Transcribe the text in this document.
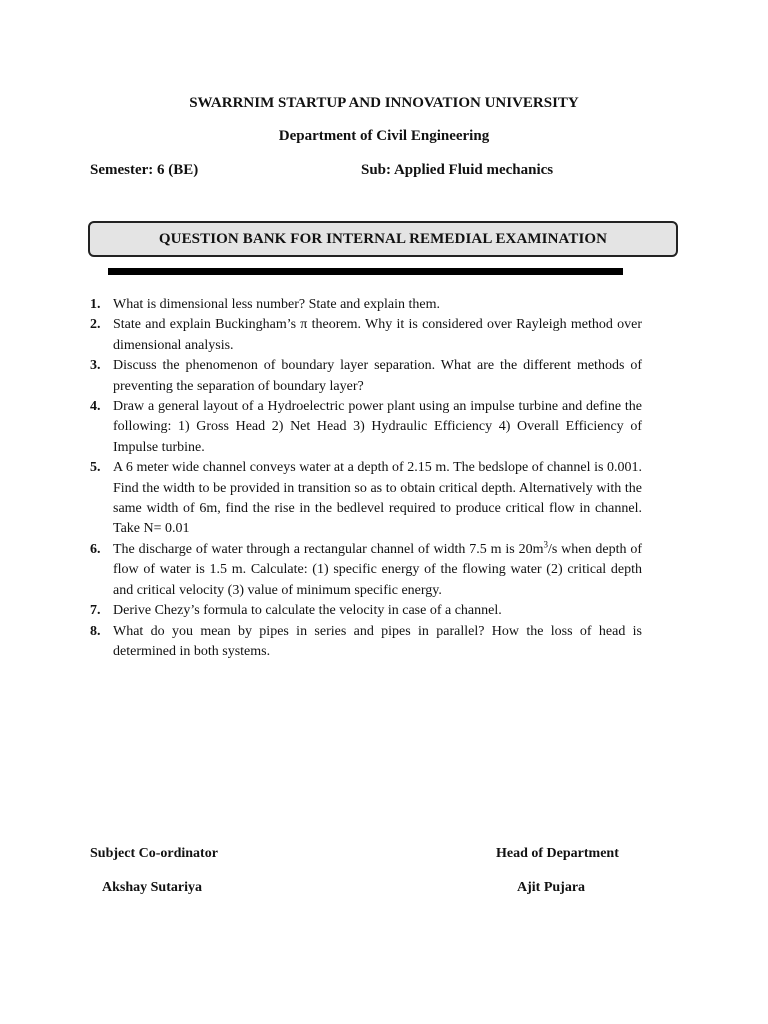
SWARRNIM STARTUP AND INNOVATION UNIVERSITY
Department of Civil Engineering
Semester: 6 (BE)	Sub: Applied Fluid mechanics
QUESTION BANK FOR INTERNAL REMEDIAL EXAMINATION
1. What is dimensional less number? State and explain them.
2. State and explain Buckingham’s π theorem. Why it is considered over Rayleigh method over dimensional analysis.
3. Discuss the phenomenon of boundary layer separation. What are the different methods of preventing the separation of boundary layer?
4. Draw a general layout of a Hydroelectric power plant using an impulse turbine and define the following: 1) Gross Head 2) Net Head 3) Hydraulic Efficiency 4) Overall Efficiency of Impulse turbine.
5. A 6 meter wide channel conveys water at a depth of 2.15 m. The bedslope of channel is 0.001. Find the width to be provided in transition so as to obtain critical depth. Alternatively with the same width of 6m, find the rise in the bedlevel required to produce critical flow in channel. Take N= 0.01
6. The discharge of water through a rectangular channel of width 7.5 m is $20m^3/s$ when depth of flow of water is 1.5 m. Calculate: (1) specific energy of the flowing water (2) critical depth and critical velocity (3) value of minimum specific energy.
7. Derive Chezy’s formula to calculate the velocity in case of a channel.
8. What do you mean by pipes in series and pipes in parallel? How the loss of head is determined in both systems.
Subject Co-ordinator
Akshay Sutariya
Head of Department
Ajit Pujara
